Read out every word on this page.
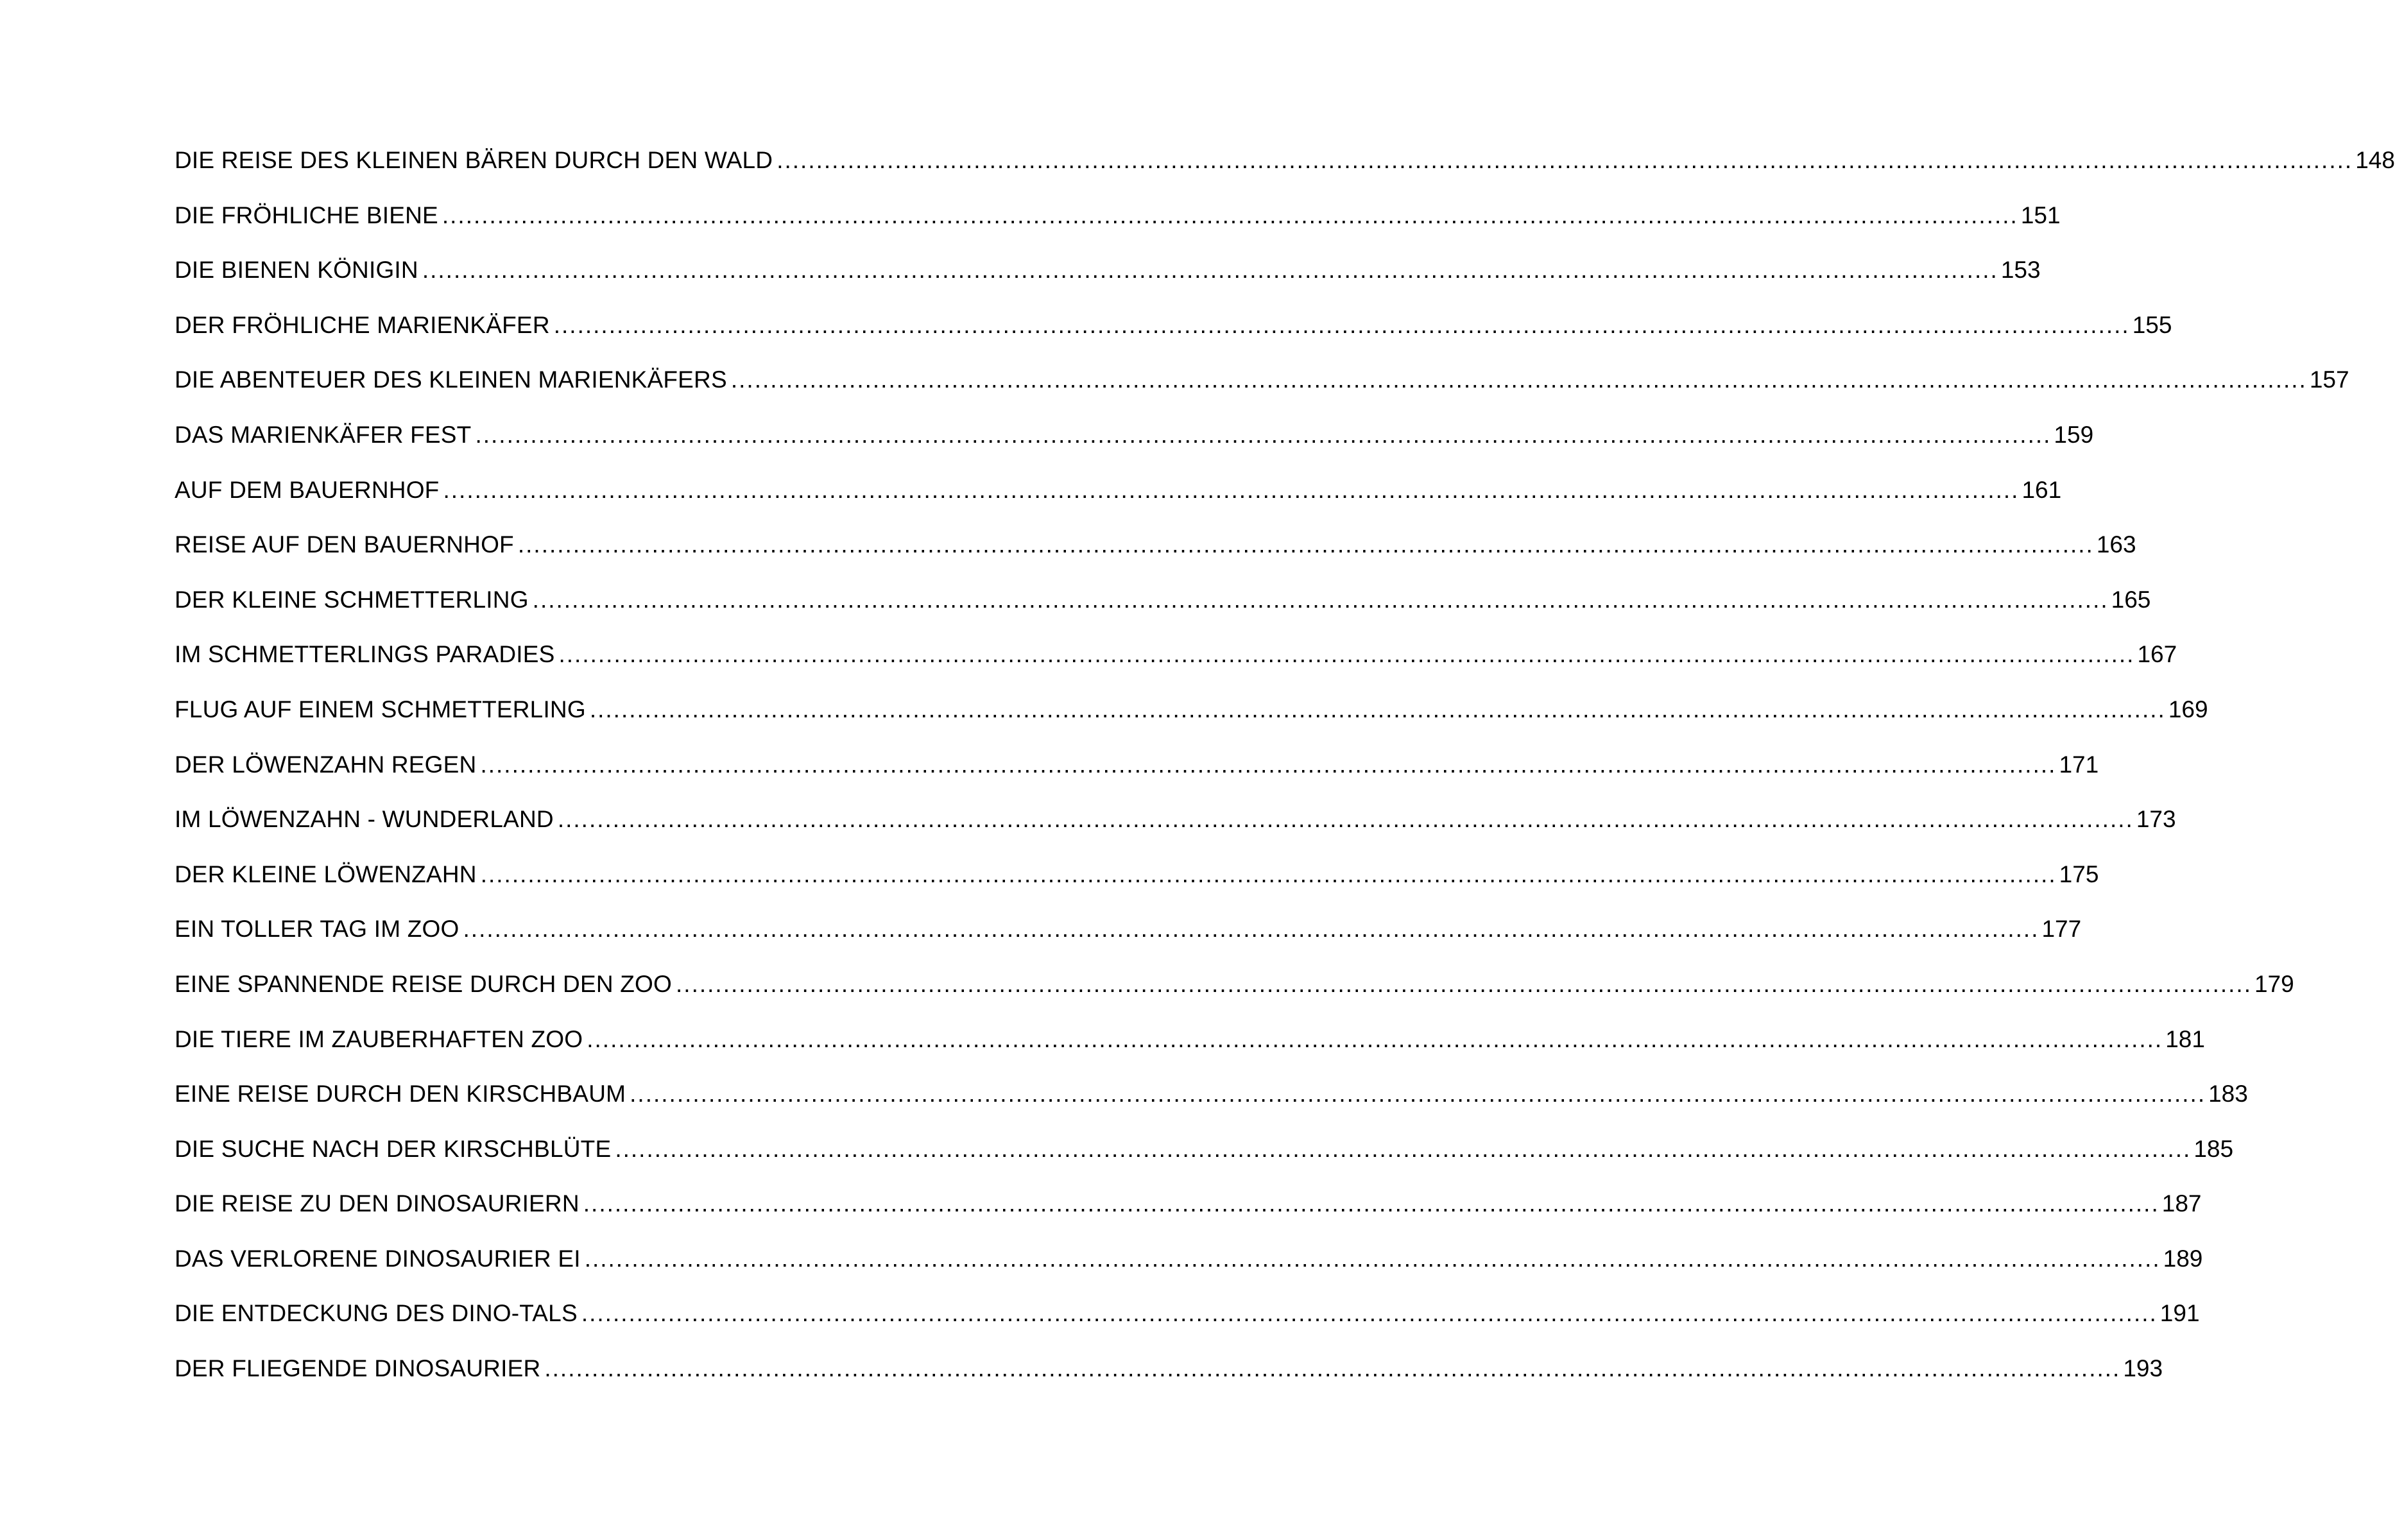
DIE REISE DES KLEINEN BÄREN DURCH DEN WALD ........................................................................................................................................................................................................ 148
DIE FRÖHLICHE BIENE ........................................................................................................................................................................................................ 151
DIE BIENEN KÖNIGIN ........................................................................................................................................................................................................ 153
DER FRÖHLICHE MARIENKÄFER ........................................................................................................................................................................................................ 155
DIE ABENTEUER DES KLEINEN MARIENKÄFERS ........................................................................................................................................................................................................ 157
DAS MARIENKÄFER FEST ........................................................................................................................................................................................................ 159
AUF DEM BAUERNHOF ........................................................................................................................................................................................................ 161
REISE AUF DEN BAUERNHOF ........................................................................................................................................................................................................ 163
DER KLEINE SCHMETTERLING ........................................................................................................................................................................................................ 165
IM SCHMETTERLINGS PARADIES ........................................................................................................................................................................................................ 167
FLUG AUF EINEM SCHMETTERLING ........................................................................................................................................................................................................ 169
DER LÖWENZAHN REGEN ........................................................................................................................................................................................................ 171
IM LÖWENZAHN - WUNDERLAND ........................................................................................................................................................................................................ 173
DER KLEINE LÖWENZAHN ........................................................................................................................................................................................................ 175
EIN TOLLER TAG IM ZOO ........................................................................................................................................................................................................ 177
EINE SPANNENDE REISE DURCH DEN ZOO ........................................................................................................................................................................................................ 179
DIE TIERE IM ZAUBERHAFTEN ZOO ........................................................................................................................................................................................................ 181
EINE REISE DURCH DEN KIRSCHBAUM ........................................................................................................................................................................................................ 183
DIE SUCHE NACH DER KIRSCHBLÜTE ........................................................................................................................................................................................................ 185
DIE REISE ZU DEN DINOSAURIERN ........................................................................................................................................................................................................ 187
DAS VERLORENE DINOSAURIER EI ........................................................................................................................................................................................................ 189
DIE ENTDECKUNG DES DINO-TALS ........................................................................................................................................................................................................ 191
DER FLIEGENDE DINOSAURIER ........................................................................................................................................................................................................ 193
